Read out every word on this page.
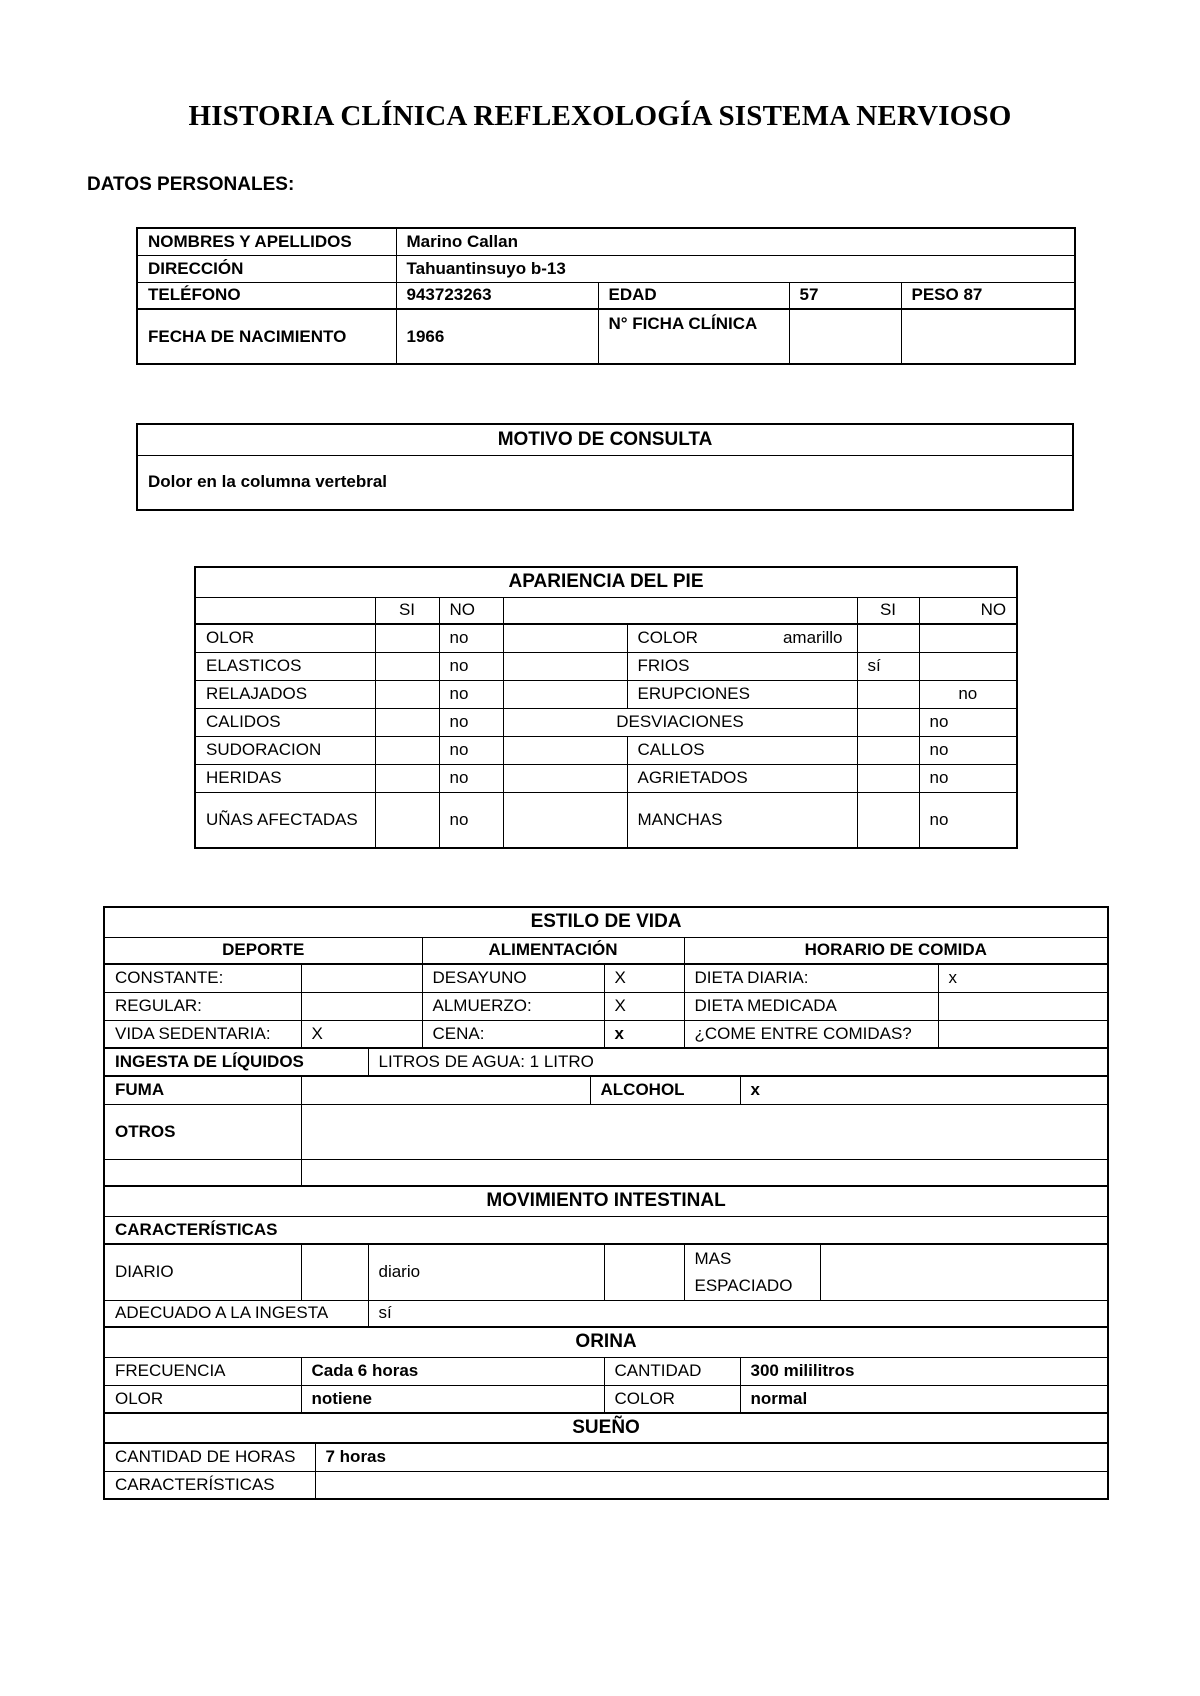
HISTORIA CLÍNICA REFLEXOLOGÍA SISTEMA NERVIOSO
DATOS PERSONALES:
NOMBRES Y APELLIDOS	Marino Callan			
DIRECCIÓN	Tahuantinsuyo b-13			
TELÉFONO	943723263	EDAD	57	PESO 87
FECHA DE NACIMIENTO	1966	N° FICHA CLÍNICA		
MOTIVO DE CONSULTA
Dolor en la columna vertebral
APARIENCIA DEL PIE						
	SI	NO			SI	NO
OLOR		no		COLOR amarillo		

ELASTICOS		no		FRIOS	sí	
RELAJADOS		no		ERUPCIONES		no
CALIDOS		no	DESVIACIONES			no
SUDORACION		no		CALLOS		no
HERIDAS		no		AGRIETADOS		no
UÑAS AFECTADAS		no		MANCHAS		no
ESTILO DE VIDA										
DEPORTE				ALIMENTACIÓN			HORARIO DE COMIDA			
CONSTANTE:				DESAYUNO		X	DIETA DIARIA:			x
REGULAR:				ALMUERZO:		X	DIETA MEDICADA			
VIDA SEDENTARIA:	X			CENA:		x	¿COME ENTRE COMIDAS?			
INGESTA DE LÍQUIDOS			LITROS DE AGUA: 1 LITRO							
FUMA					ALCOHOL			x		
OTROS										

MOVIMIENTO INTESTINAL										
CARACTERÍSTICAS										
DIARIO			diario				MAS ESPACIADO			
ADECUADO A LA INGESTA			sí							
ORINA										
FRECUENCIA	Cada 6 horas					CANTIDAD		300 mililitros		
OLOR	notiene					COLOR		normal		
SUEÑO										
CANTIDAD DE HORAS		7 horas								
CARACTERÍSTICAS										
